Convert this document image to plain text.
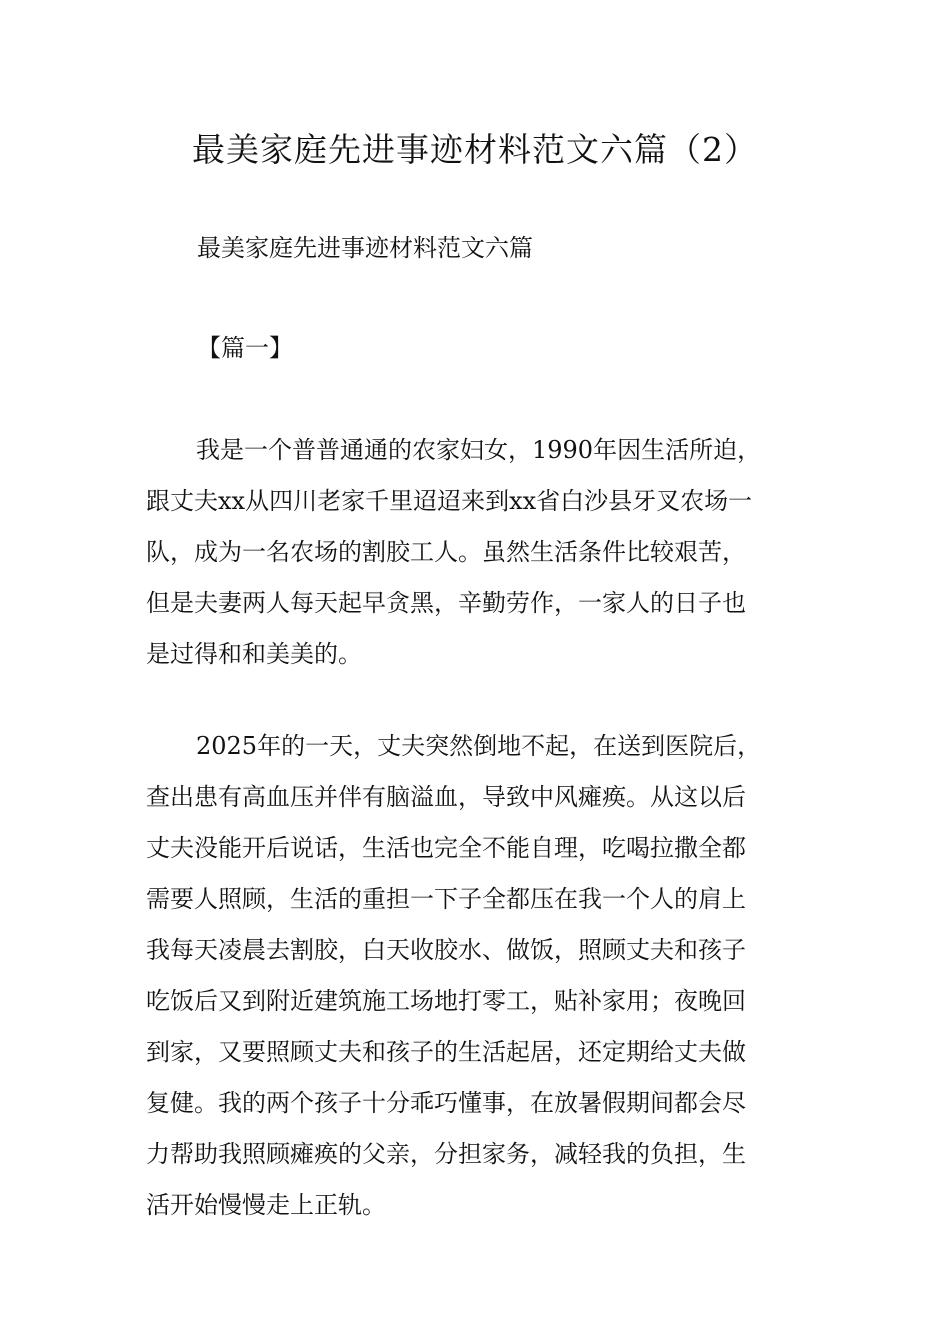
最美家庭先进事迹材料范文六篇（2）
最美家庭先进事迹材料范文六篇
【篇一】
我是一个普普通通的农家妇女，1990年因生活所迫，
跟丈夫xx从四川老家千里迢迢来到xx省白沙县牙叉农场一
队，成为一名农场的割胶工人。虽然生活条件比较艰苦，
但是夫妻两人每天起早贪黑，辛勤劳作，一家人的日子也
是过得和和美美的。
2025年的一天，丈夫突然倒地不起，在送到医院后，
查出患有高血压并伴有脑溢血，导致中风瘫痪。从这以后
丈夫没能开后说话，生活也完全不能自理，吃喝拉撒全都
需要人照顾，生活的重担一下子全都压在我一个人的肩上
我每天凌晨去割胶，白天收胶水、做饭，照顾丈夫和孩子
吃饭后又到附近建筑施工场地打零工，贴补家用；夜晚回
到家，又要照顾丈夫和孩子的生活起居，还定期给丈夫做
复健。我的两个孩子十分乖巧懂事，在放暑假期间都会尽
力帮助我照顾瘫痪的父亲，分担家务，减轻我的负担，生
活开始慢慢走上正轨。
